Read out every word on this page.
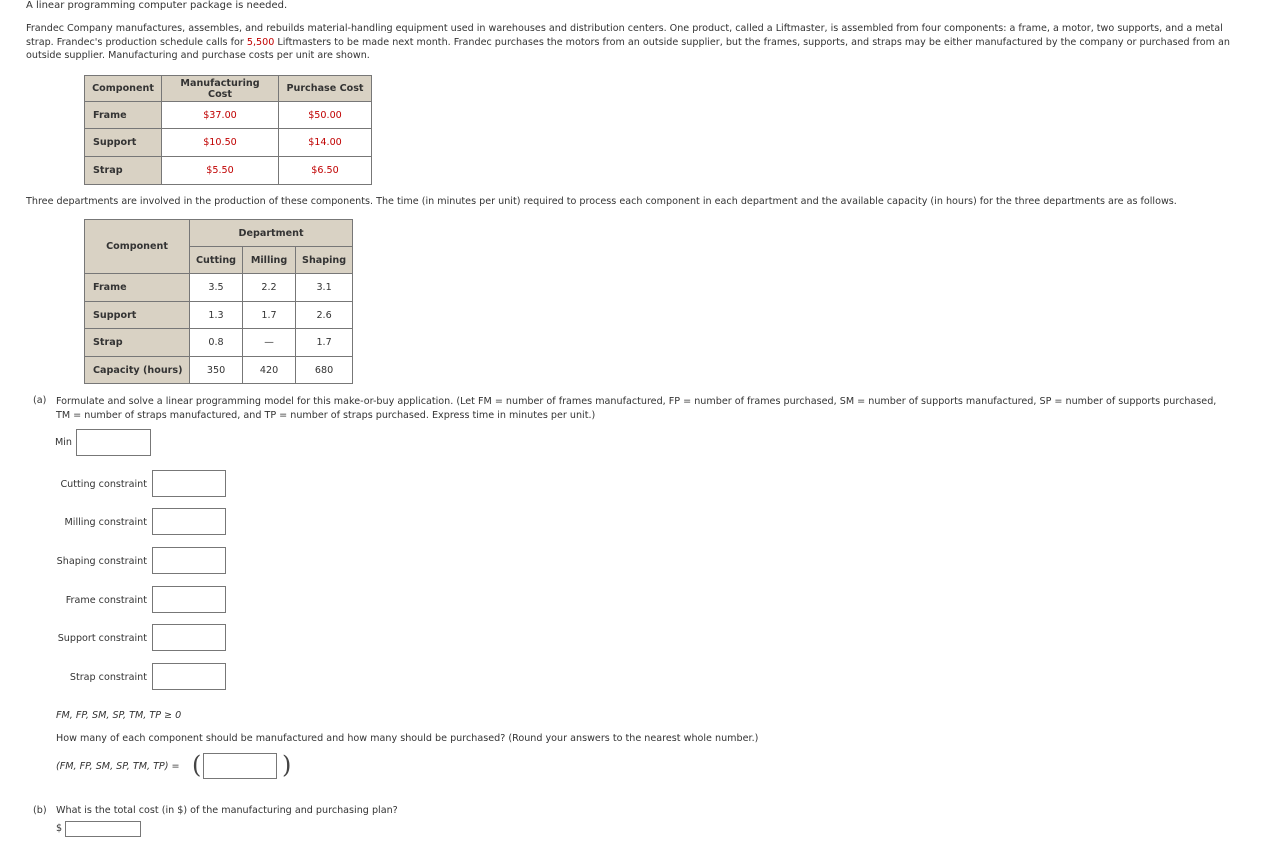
A linear programming computer package is needed.
Frandec Company manufactures, assembles, and rebuilds material-handling equipment used in warehouses and distribution centers. One product, called a Liftmaster, is assembled from four components: a frame, a motor, two supports, and a metal strap. Frandec's production schedule calls for 5,500 Liftmasters to be made next month. Frandec purchases the motors from an outside supplier, but the frames, supports, and straps may be either manufactured by the company or purchased from an outside supplier. Manufacturing and purchase costs per unit are shown.
Component	Manufacturing Cost	Purchase Cost
Frame	$37.00	$50.00
Support	$10.50	$14.00
Strap	$5.50	$6.50
Three departments are involved in the production of these components. The time (in minutes per unit) required to process each component in each department and the available capacity (in hours) for the three departments are as follows.
Component	Department		
	Cutting	Milling	Shaping
Frame	3.5	2.2	3.1
Support	1.3	1.7	2.6
Strap	0.8	—	1.7
Capacity (hours)	350	420	680
(a) Formulate and solve a linear programming model for this make-or-buy application. (Let FM = number of frames manufactured, FP = number of frames purchased, SM = number of supports manufactured, SP = number of supports purchased,
TM = number of straps manufactured, and TP = number of straps purchased. Express time in minutes per unit.)
Min
Cutting constraint
Milling constraint
Shaping constraint
Frame constraint
Support constraint
Strap constraint
FM, FP, SM, SP, TM, TP ≥ 0
How many of each component should be manufactured and how many should be purchased? (Round your answers to the nearest whole number.)
(FM, FP, SM, SP, TM, TP) = (	)
(b) What is the total cost (in $) of the manufacturing and purchasing plan?
$
